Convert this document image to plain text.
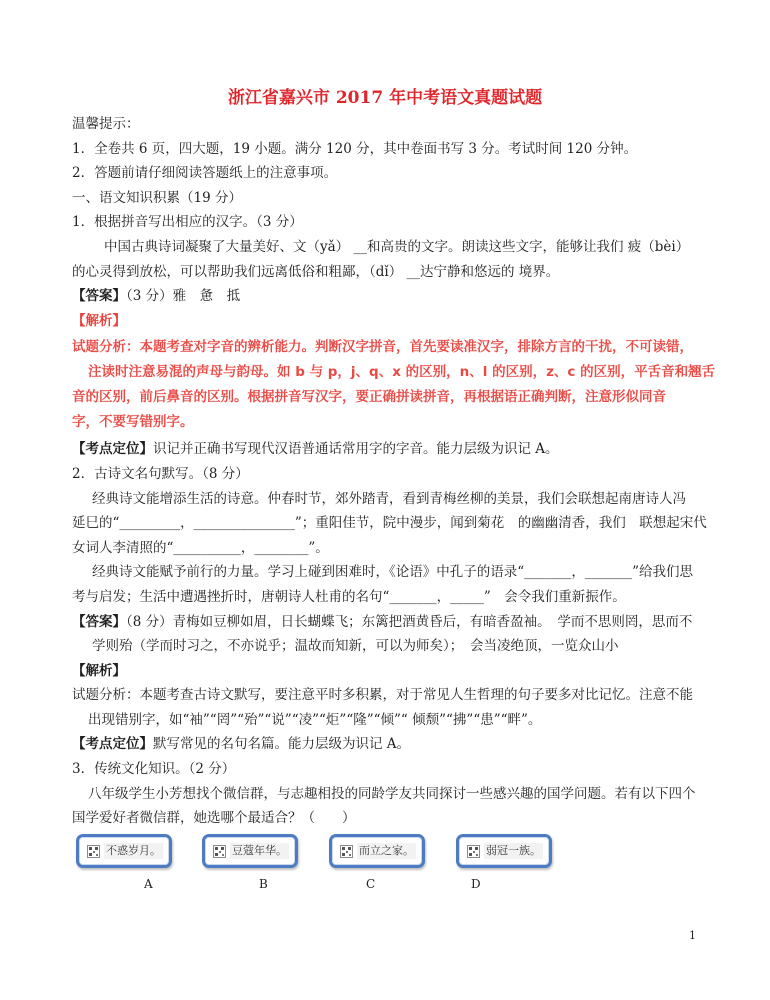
浙江省嘉兴市 2017 年中考语文真题试题
温馨提示：
1．全卷共 6 页，四大题，19 小题。满分 120 分，其中卷面书写 3 分。考试时间 120 分钟。
2．答题前请仔细阅读答题纸上的注意事项。
一、语文知识积累（19 分）
1．根据拼音写出相应的汉字。（3 分）
中国古典诗词凝聚了大量美好、文（yǎ） __和高贵的文字。朗读这些文字，能够让我们 疲（bèi）
的心灵得到放松，可以帮助我们远离低俗和粗鄙，（dǐ） __达宁静和悠远的 境界。
【答案】（3 分）雅　惫　抵
【解析】
试题分析：本题考查对字音的辨析能力。判断汉字拼音，首先要读准汉字，排除方言的干扰，不可读错，
注读时注意易混的声母与韵母。如 b 与 p，j、q、x 的区别，n、l 的区别，z、c 的区别，平舌音和翘舌
音的区别，前后鼻音的区别。根据拼音写汉字，要正确拼读拼音，再根据语正确判断，注意形似同音
字，不要写错别字。
【考点定位】识记并正确书写现代汉语普通话常用字的字音。能力层级为识记 A。
2．古诗文名句默写。（8 分）
经典诗文能增添生活的诗意。仲春时节，郊外踏青，看到青梅丝柳的美景，我们会联想起南唐诗人冯
延巳的“_________，_______________”；重阳佳节，院中漫步，闻到菊花　的幽幽清香，我们　联想起宋代
女词人李清照的“__________，________”。
经典诗文能赋予前行的力量。学习上碰到困难时，《论语》中孔子的语录“_______，_______”给我们思
考与启发；生活中遭遇挫折时，唐朝诗人杜甫的名句“_______，_____”　会令我们重新振作。
【答案】（8 分）青梅如豆柳如眉，日长蝴蝶飞；东篱把酒黄昏后，有暗香盈袖。　学而不思则罔，思而不
学则殆（学而时习之，不亦说乎；温故而知新，可以为师矣）；　会当凌绝顶，一览众山小
【解析】
试题分析：本题考查古诗文默写，要注意平时多积累，对于常见人生哲理的句子要多对比记忆。注意不能
出现错别字，如“袖”“罔”“殆”“说”“凌”“炬”“隆”“倾”“ 倾颓”“拂”“患”“畔”。
【考点定位】默写常见的名句名篇。能力层级为识记 A。
3．传统文化知识。（2 分）
八年级学生小芳想找个微信群，与志趣相投的同龄学友共同探讨一些感兴趣的国学问题。若有以下四个
国学爱好者微信群，她选哪个最适合？（　　）
不惑岁月。	豆蔻年华。	而立之家。	弱冠一族。
A	B	C	D
1
